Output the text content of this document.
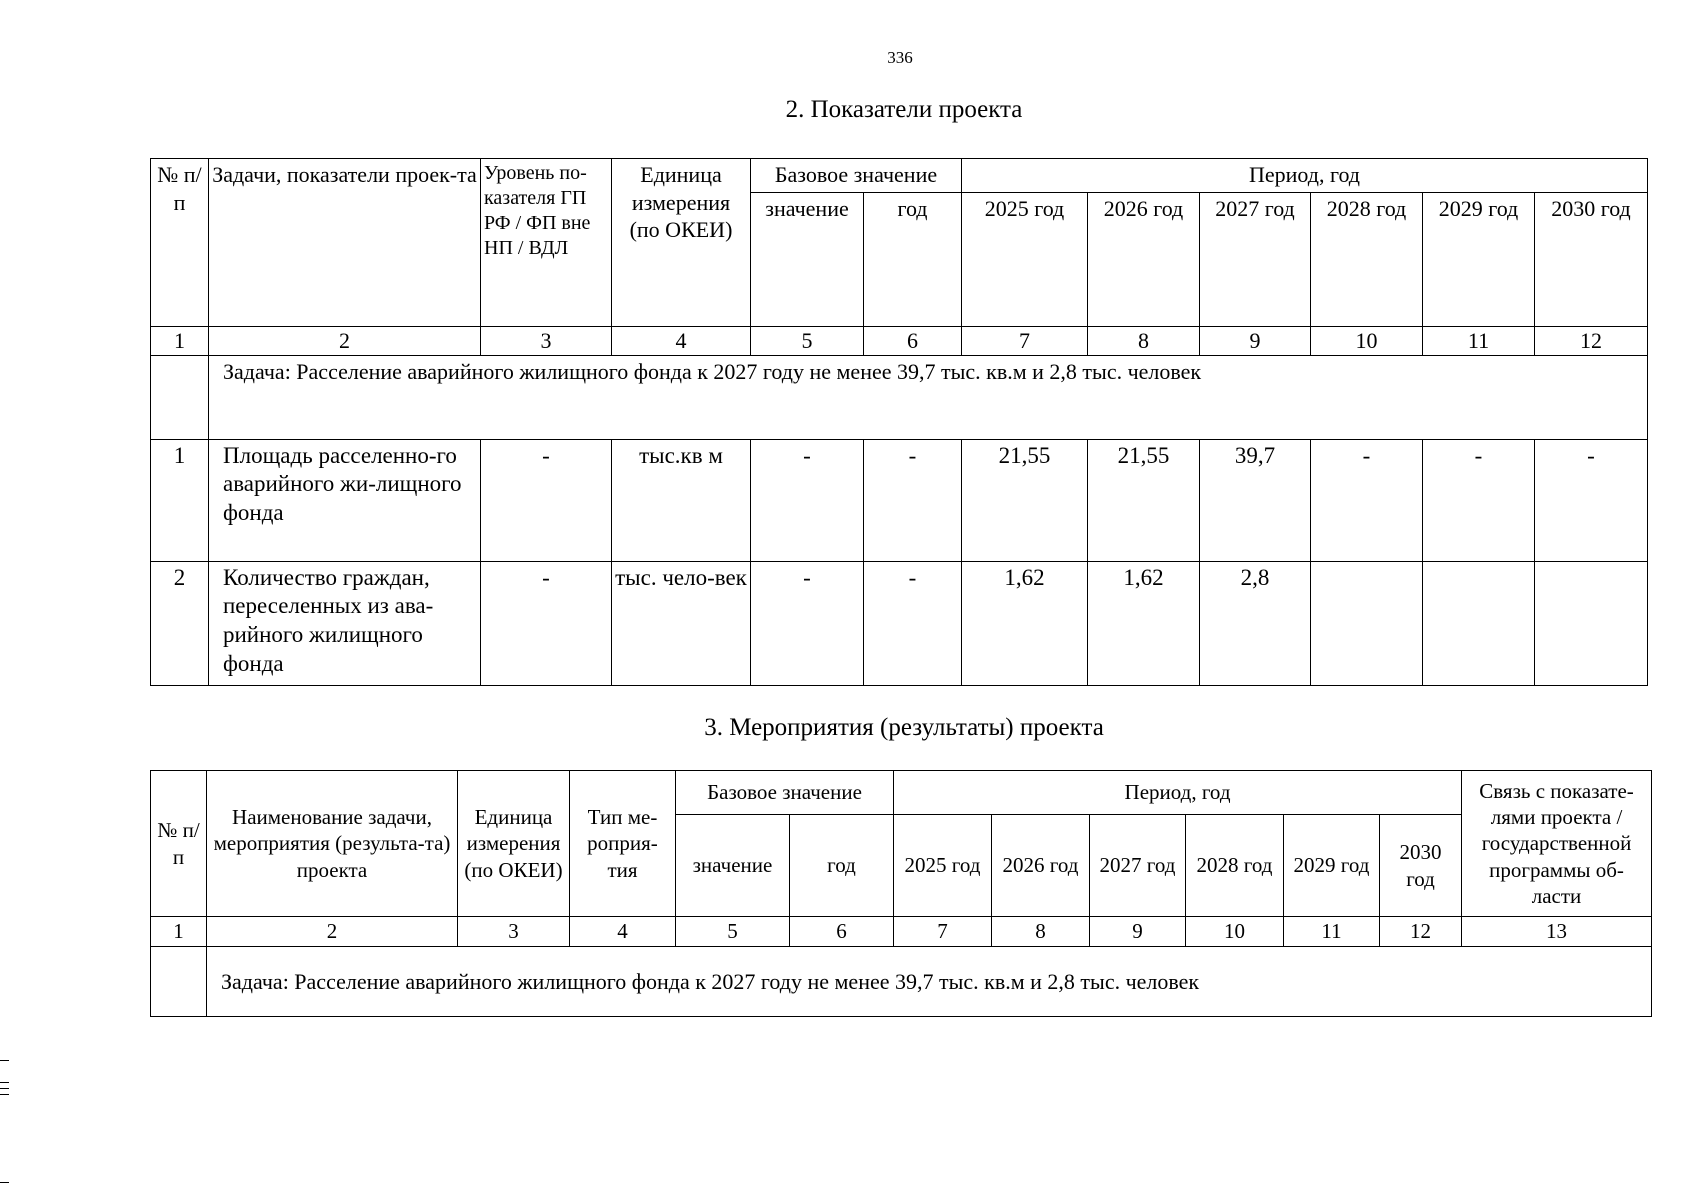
336
2. Показатели проекта
№ п/п	Задачи, показатели проек-та	Уровень по-казателя ГП РФ / ФП вне НП / ВДЛ	Единица измерения (по ОКЕИ)	Базовое значение		Период, год					
				значение	год	2025 год	2026 год	2027 год	2028 год	2029 год	2030 год
1	2	3	4	5	6	7	8	9	10	11	12
	Задача: Расселение аварийного жилищного фонда к 2027 году не менее 39,7 тыс. кв.м и 2,8 тыс. человек										
1	Площадь расселенно-го аварийного жи-лищного фонда	-	тыс.кв м	-	-	21,55	21,55	39,7	-	-	-
2	Количество граждан, переселенных из ава-рийного жилищного фонда	-	тыс. чело-век	-	-	1,62	1,62	2,8			
3. Мероприятия (результаты) проекта
№ п/п	Наименование задачи, мероприятия (результа-та) проекта	Единица измерения (по ОКЕИ)	Тип ме-роприя-тия	Базовое значение		Период, год						Связь с показате-лями проекта / государственной программы об-ласти
				значение	год	2025 год	2026 год	2027 год	2028 год	2029 год	2030 год	
1	2	3	4	5	6	7	8	9	10	11	12	13
	Задача: Расселение аварийного жилищного фонда к 2027 году не менее 39,7 тыс. кв.м и 2,8 тыс. человек											
